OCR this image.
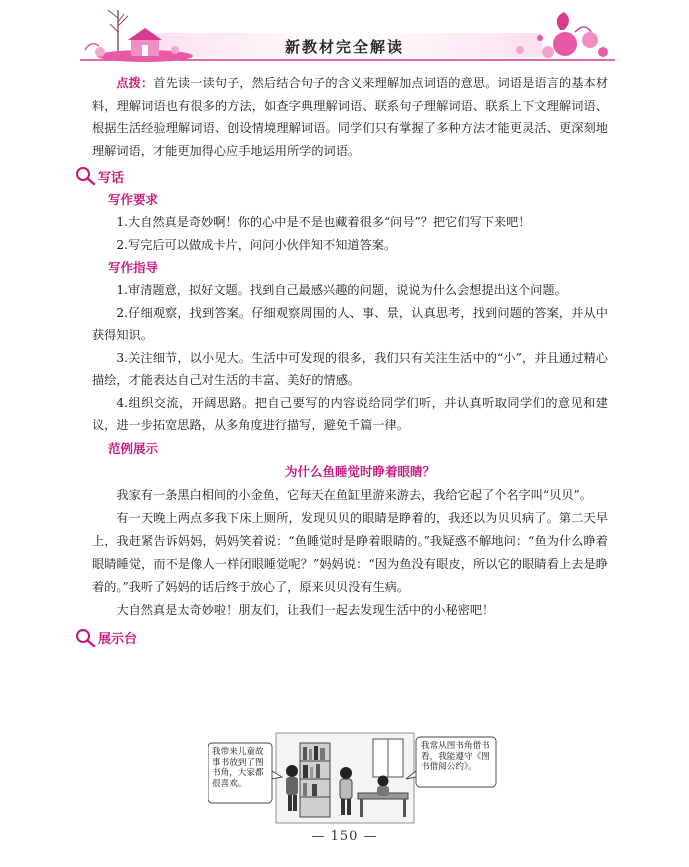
新教材完全解读

点拨：首先读一读句子，然后结合句子的含义来理解加点词语的意思。词语是语言的基本材料，理解词语也有很多的方法，如查字典理解词语、联系句子理解词语、联系上下文理解词语、根据生活经验理解词语、创设情境理解词语。同学们只有掌握了多种方法才能更灵活、更深刻地理解词语，才能更加得心应手地运用所学的词语。

写话
写作要求

1.大自然真是奇妙啊！你的心中是不是也藏着很多“问号”？把它们写下来吧！

2.写完后可以做成卡片，问问小伙伴知不知道答案。

写作指导

1.审清题意，拟好文题。找到自己最感兴趣的问题，说说为什么会想提出这个问题。

2.仔细观察，找到答案。仔细观察周围的人、事、景，认真思考，找到问题的答案，并从中获得知识。

3.关注细节，以小见大。生活中可发现的很多，我们只有关注生活中的“小”，并且通过精心描绘，才能表达自己对生活的丰富、美好的情感。

4.组织交流，开阔思路。把自己要写的内容说给同学们听，并认真听取同学们的意见和建议，进一步拓宽思路，从多角度进行描写，避免千篇一律。

范例展示
为什么鱼睡觉时睁着眼睛？

我家有一条黑白相间的小金鱼，它每天在鱼缸里游来游去，我给它起了个名字叫“贝贝”。

有一天晚上两点多我下床上厕所，发现贝贝的眼睛是睁着的，我还以为贝贝病了。第二天早上，我赶紧告诉妈妈，妈妈笑着说：“鱼睡觉时是睁着眼睛的。”我疑惑不解地问：“鱼为什么睁着眼睛睡觉，而不是像人一样闭眼睡觉呢？”妈妈说：“因为鱼没有眼皮，所以它的眼睛看上去是睁着的。”我听了妈妈的话后终于放心了，原来贝贝没有生病。

大自然真是太奇妙啦！朋友们，让我们一起去发现生活中的小秘密吧！

展示台
我带来儿童故事书放到了图书角，大家都很喜欢。
我常从图书角借书看，我能遵守《图书借阅公约》。
— 150 —
